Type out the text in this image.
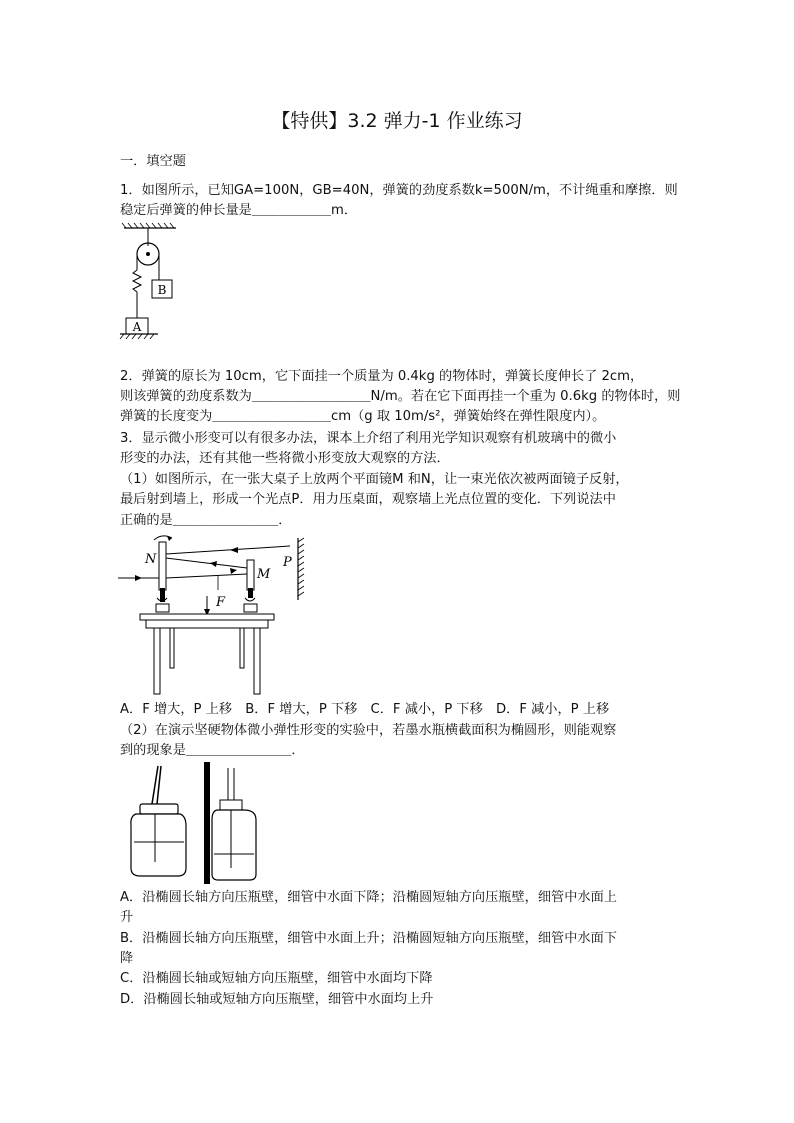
【特供】3.2 弹力-1 作业练习
一．填空题
1．如图所示，已知GA=100N，GB=40N，弹簧的劲度系数k=500N/m，不计绳重和摩擦．则
稳定后弹簧的伸长量是＿＿＿＿＿＿m．
B
A
2．弹簧的原长为 10cm，它下面挂一个质量为 0.4kg 的物体时，弹簧长度伸长了 2cm，
则该弹簧的劲度系数为＿＿＿＿＿＿＿＿＿N/m。若在它下面再挂一个重为 0.6kg 的物体时，则
弹簧的长度变为＿＿＿＿＿＿＿＿＿cm（g 取 10m/s²，弹簧始终在弹性限度内）。
3．显示微小形变可以有很多办法，课本上介绍了利用光学知识观察有机玻璃中的微小
形变的办法，还有其他一些将微小形变放大观察的方法．
（1）如图所示，在一张大桌子上放两个平面镜M 和N，让一束光依次被两面镜子反射，
最后射到墙上，形成一个光点P．用力压桌面，观察墙上光点位置的变化．下列说法中
正确的是＿＿＿＿＿＿＿＿．
P
N
M
F
A．F 增大，P 上移　B．F 增大，P 下移　C．F 减小，P 下移　D．F 减小，P 上移
（2）在演示坚硬物体微小弹性形变的实验中，若墨水瓶横截面积为椭圆形，则能观察
到的现象是＿＿＿＿＿＿＿＿．
A．沿椭圆长轴方向压瓶壁，细管中水面下降；沿椭圆短轴方向压瓶壁，细管中水面上
升
B．沿椭圆长轴方向压瓶壁，细管中水面上升；沿椭圆短轴方向压瓶壁，细管中水面下
降
C．沿椭圆长轴或短轴方向压瓶壁，细管中水面均下降
D．沿椭圆长轴或短轴方向压瓶壁，细管中水面均上升
